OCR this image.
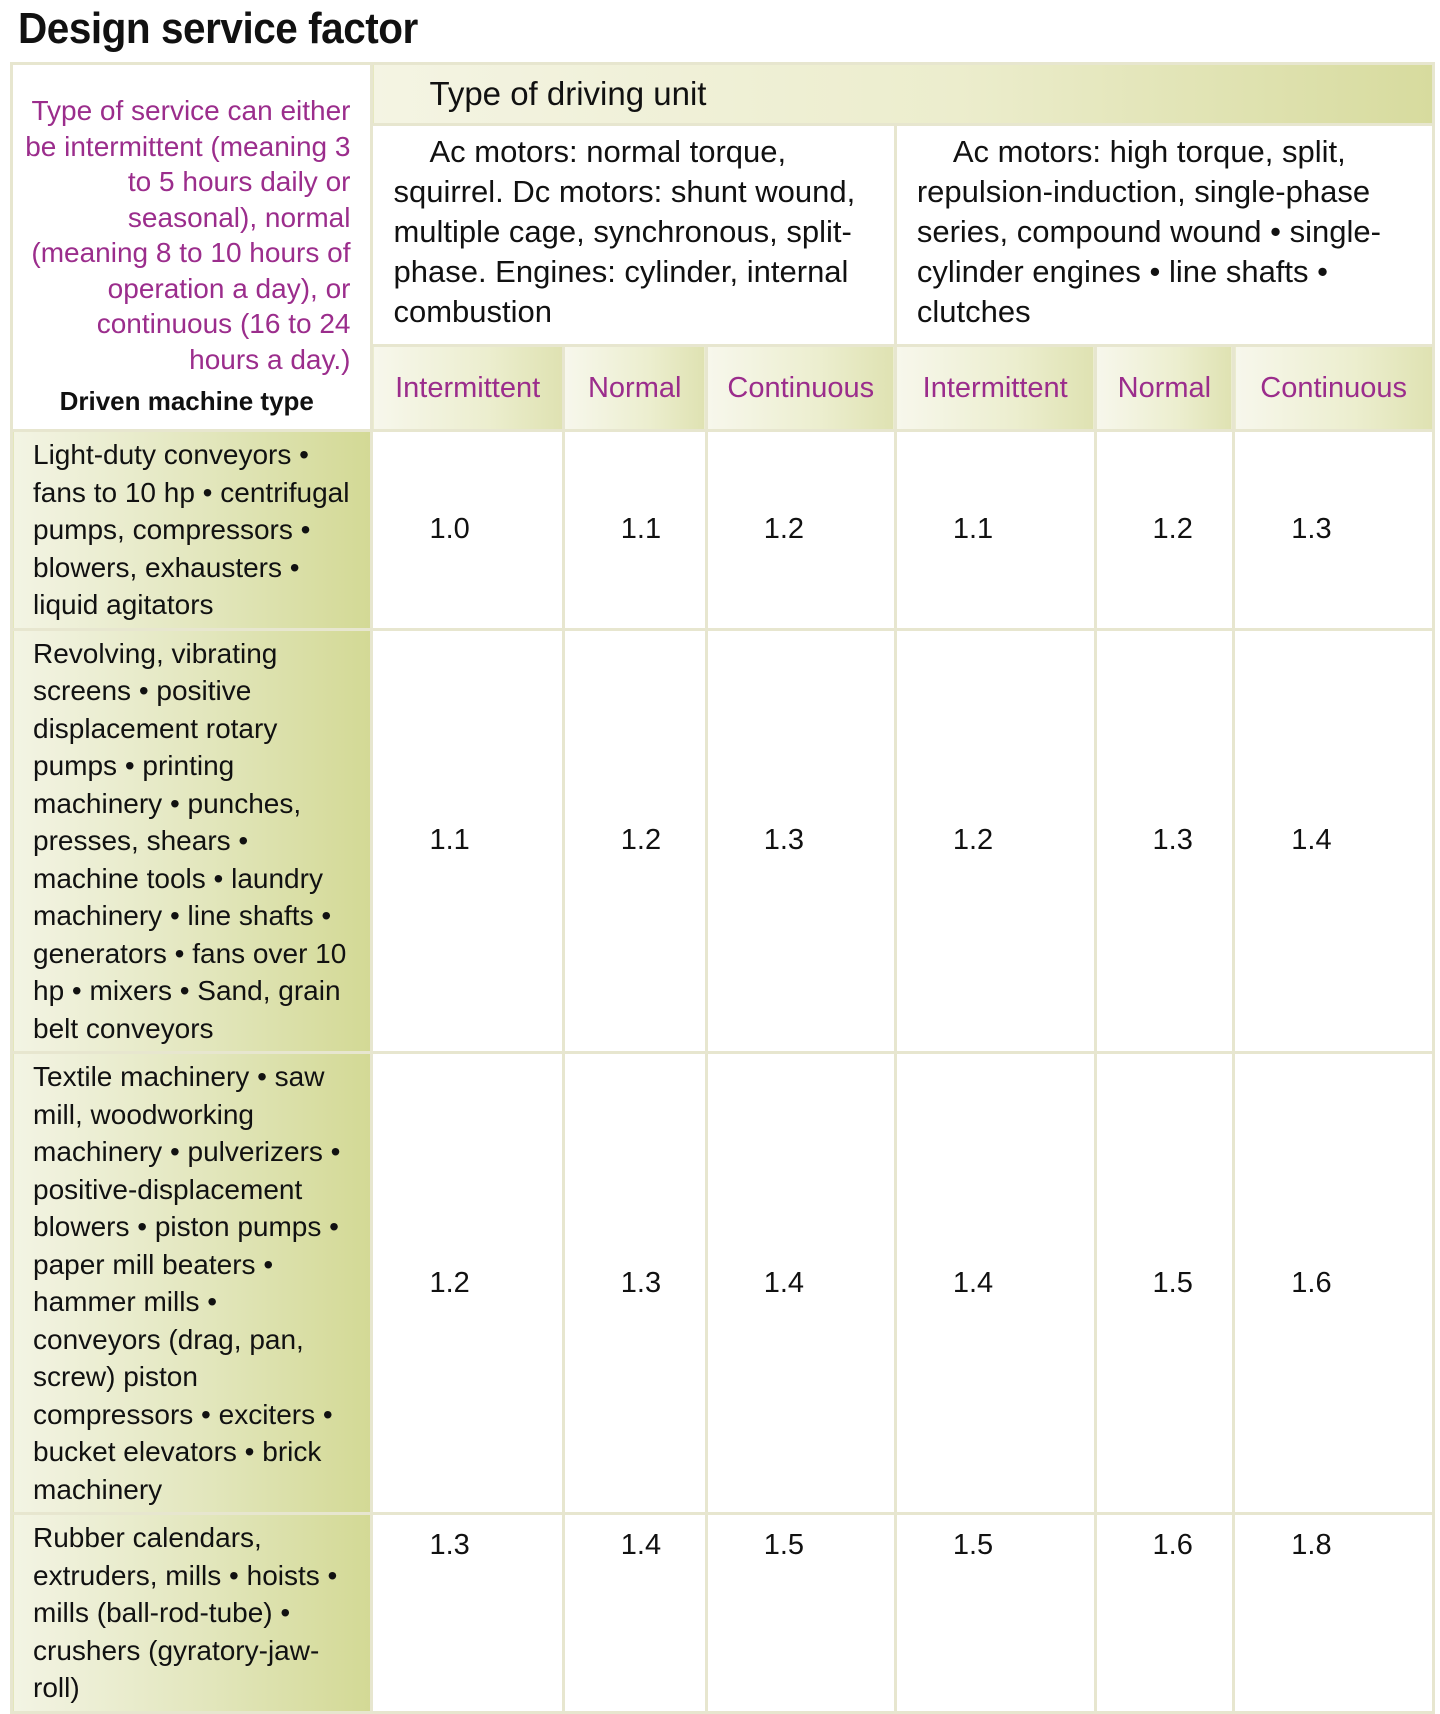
Design service factor
Type of service can either be intermittent (meaning 3 to 5 hours daily or seasonal), normal (meaning 8 to 10 hours of operation a day), or continuous (16 to 24 hours a day.)
Driven machine type	Type of driving unit					
	Ac motors: normal torque, squirrel. Dc motors: shunt wound, multiple cage, synchronous, split-phase. Engines: cylinder, internal combustion			Ac motors: high torque, split, repulsion-induction, single-phase series, compound wound • single-cylinder engines • line shafts • clutches		
	Intermittent	Normal	Continuous	Intermittent	Normal	Continuous
Light-duty conveyors • fans to 10 hp • centrifugal pumps, compressors • blowers, exhausters • liquid agitators	1.0	1.1	1.2	1.1	1.2	1.3

Revolving, vibrating screens • positive displacement rotary pumps • printing machinery • punches, presses, shears • machine tools • laundry machinery • line shafts • generators • fans over 10 hp • mixers • Sand, grain belt conveyors	1.1	1.2	1.3	1.2	1.3	1.4

Textile machinery • saw mill, woodworking machinery • pulverizers • positive-displacement blowers • piston pumps • paper mill beaters • hammer mills • conveyors (drag, pan, screw) piston compressors • exciters • bucket elevators • brick machinery	1.2	1.3	1.4	1.4	1.5	1.6

Rubber calendars, extruders, mills • hoists • mills (ball-rod-tube) • crushers (gyratory-jaw-roll)	1.3	1.4	1.5	1.5	1.6	1.8
